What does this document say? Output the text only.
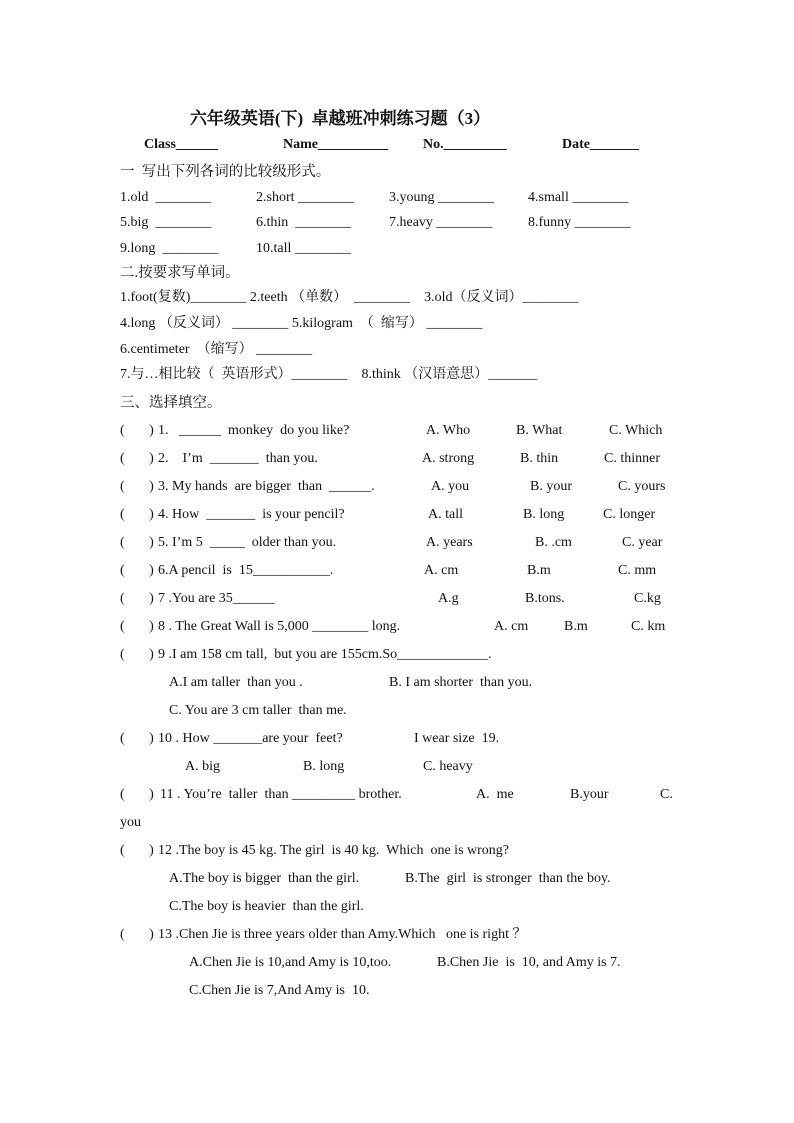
六年级英语(下)  卓越班冲刺练习题（3）
Class______	Name__________	No._________	Date_______
一  写出下列各词的比较级形式。
1.old  ________	2.short ________	3.young ________ 4.small ________
5.big  ________	6.thin  ________	7.heavy ________	8.funny ________
9.long  ________	10.tall ________
二.按要求写单词。
1.foot(复数)________ 2.teeth （单数）  ________    3.old（反义词）________
4.long （反义词） ________ 5.kilogram  （  缩写） ________
6.centimeter  （缩写） ________
7.与…相比较（  英语形式）________    8.think （汉语意思）_______
三、选择填空。
(       ) 1.   ______  monkey  do you like?	A. Who	B. What	C. Which
(       ) 2.    I’m  _______  than you.	A. strong	B. thin	C. thinner
(       ) 3. My hands  are bigger  than  ______.	A. you	B. your	C. yours
(       ) 4. How  _______  is your pencil?	A. tall	B. long	C. longer
(       ) 5. I’m 5  _____  older than you.	A. years	B. .cm	C. year
(       ) 6.A pencil  is  15___________.	A. cm	B.m	C. mm
(       ) 7 .You are 35______	A.g	B.tons.	C.kg
(       ) 8 . The Great Wall is 5,000 ________ long.	A. cm	B.m	C. km
(       ) 9 .I am 158 cm tall,  but you are 155cm.So_____________.
A.I am taller  than you .	B. I am shorter  than you.
C. You are 3 cm taller  than me.
(       ) 10 . How _______are your  feet?	I wear size  19.
A. big	B. long	C. heavy
(       ) 11 . You’re  taller  than _________ brother.	A.  me	B.your	C.
you
(       ) 12 .The boy is 45 kg. The girl  is 40 kg.  Which  one is wrong?
A.The boy is bigger  than the girl.	B.The  girl  is stronger  than the boy.
C.The boy is heavier  than the girl.
(       ) 13 .Chen Jie is three years older than Amy.Which   one is right ？
A.Chen Jie is 10,and Amy is 10,too.	B.Chen Jie  is  10, and Amy is 7.
C.Chen Jie is 7,And Amy is  10.
